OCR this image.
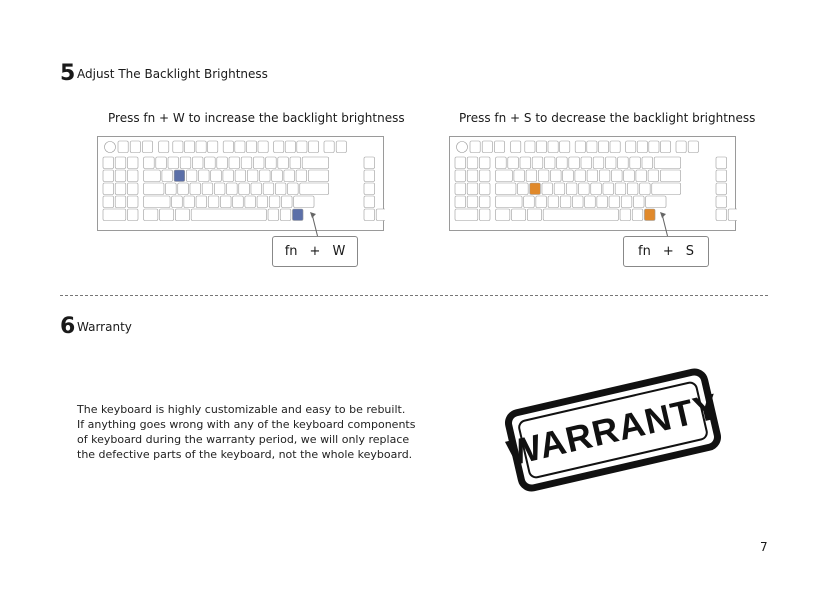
5 Adjust The Backlight Brightness
Press fn + W to increase the backlight brightness	Press fn + S to decrease the backlight brightness
fn + W	fn + S
6 Warranty
The keyboard is highly customizable and easy to be rebuilt.
If anything goes wrong with any of the keyboard components
of keyboard during the warranty period, we will only replace
the defective parts of the keyboard, not the whole keyboard.	WARRANTY
7
